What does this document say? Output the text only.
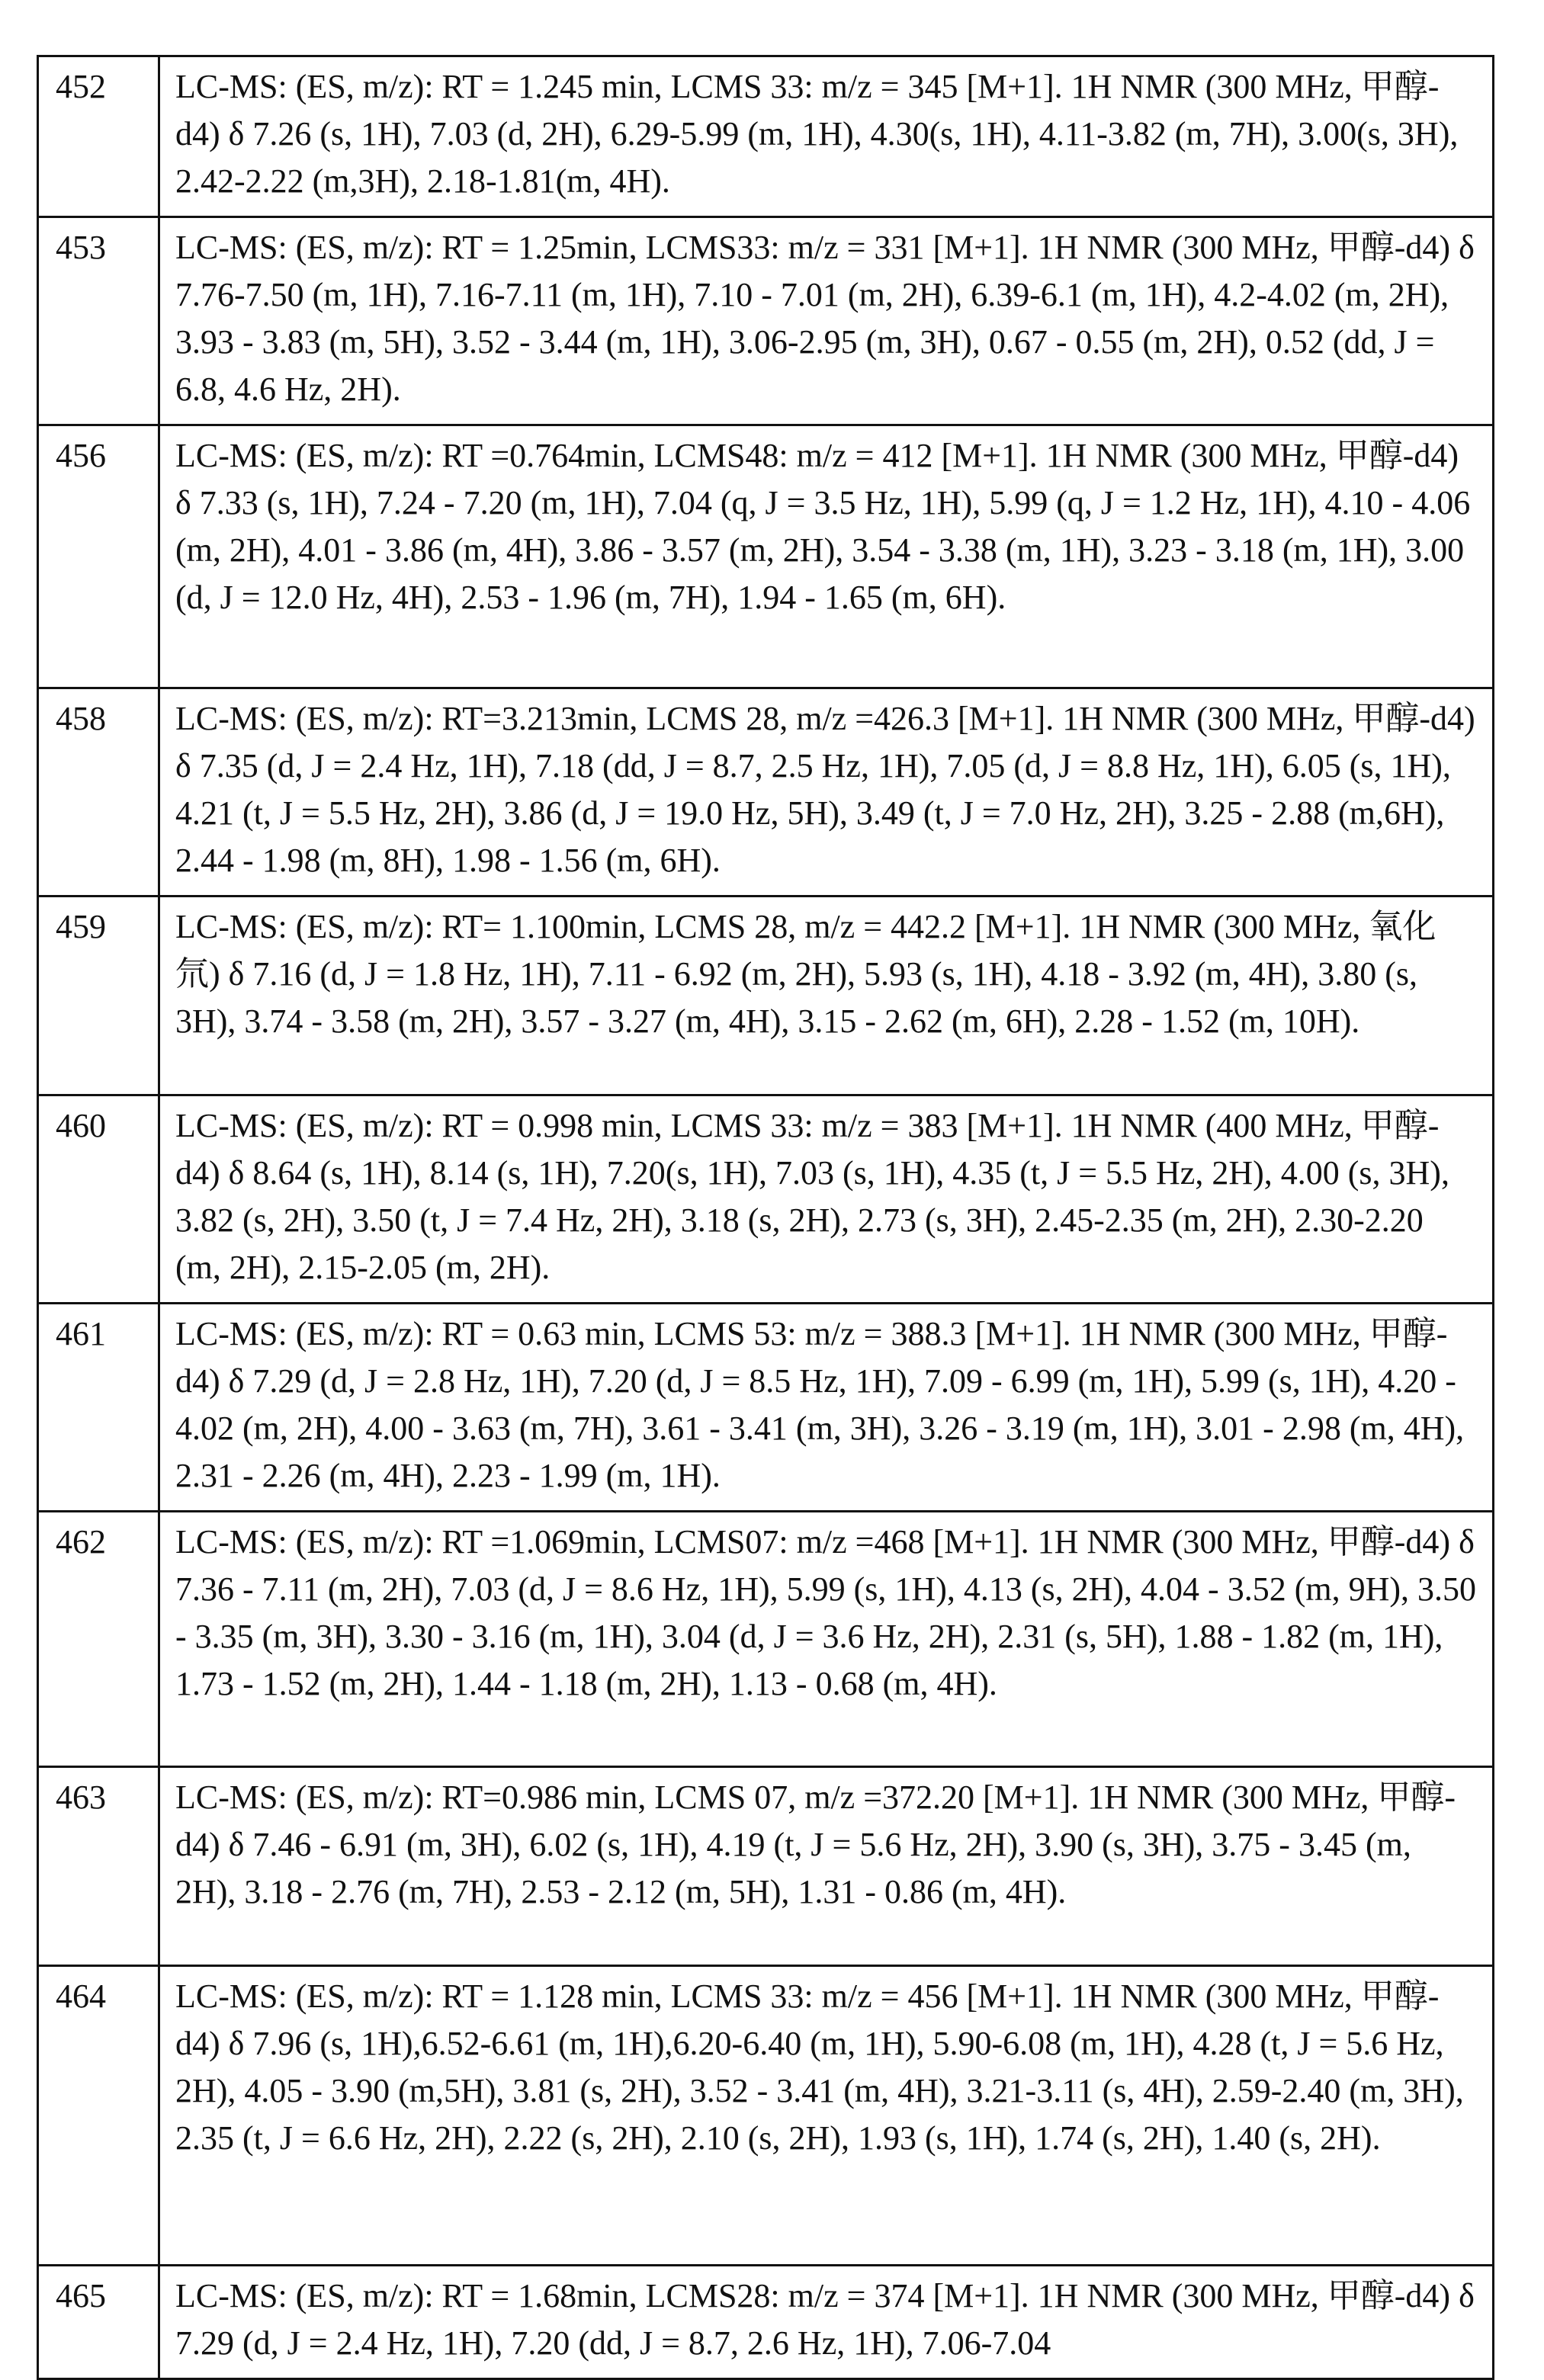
452	LC-MS: (ES, m/z): RT = 1.245 min, LCMS 33: m/z = 345 [M+1]. 1H NMR (300 MHz, 甲醇-d4) δ 7.26 (s, 1H), 7.03 (d, 2H), 6.29-5.99 (m, 1H), 4.30(s, 1H), 4.11-3.82 (m, 7H), 3.00(s, 3H), 2.42-2.22 (m,3H), 2.18-1.81(m, 4H).
453	LC-MS: (ES, m/z): RT = 1.25min, LCMS33: m/z = 331 [M+1]. 1H NMR (300 MHz, 甲醇-d4) δ 7.76-7.50 (m, 1H), 7.16-7.11 (m, 1H), 7.10 - 7.01 (m, 2H), 6.39-6.1 (m, 1H), 4.2-4.02 (m, 2H), 3.93 - 3.83 (m, 5H), 3.52 - 3.44 (m, 1H), 3.06-2.95 (m, 3H), 0.67 - 0.55 (m, 2H), 0.52 (dd, J = 6.8, 4.6 Hz, 2H).
456	LC-MS: (ES, m/z): RT =0.764min, LCMS48: m/z = 412 [M+1]. 1H NMR (300 MHz, 甲醇-d4) δ 7.33 (s, 1H), 7.24 - 7.20 (m, 1H), 7.04 (q, J = 3.5 Hz, 1H), 5.99 (q, J = 1.2 Hz, 1H), 4.10 - 4.06 (m, 2H), 4.01 - 3.86 (m, 4H), 3.86 - 3.57 (m, 2H), 3.54 - 3.38 (m, 1H), 3.23 - 3.18 (m, 1H), 3.00 (d, J = 12.0 Hz, 4H), 2.53 - 1.96 (m, 7H), 1.94 - 1.65 (m, 6H).
458	LC-MS: (ES, m/z): RT=3.213min, LCMS 28, m/z =426.3 [M+1]. 1H NMR (300 MHz, 甲醇-d4) δ 7.35 (d, J = 2.4 Hz, 1H), 7.18 (dd, J = 8.7, 2.5 Hz, 1H), 7.05 (d, J = 8.8 Hz, 1H), 6.05 (s, 1H), 4.21 (t, J = 5.5 Hz, 2H), 3.86 (d, J = 19.0 Hz, 5H), 3.49 (t, J = 7.0 Hz, 2H), 3.25 - 2.88 (m,6H), 2.44 - 1.98 (m, 8H), 1.98 - 1.56 (m, 6H).
459	LC-MS: (ES, m/z): RT= 1.100min, LCMS 28, m/z = 442.2 [M+1]. 1H NMR (300 MHz, 氧化氘) δ 7.16 (d, J = 1.8 Hz, 1H), 7.11 - 6.92 (m, 2H), 5.93 (s, 1H), 4.18 - 3.92 (m, 4H), 3.80 (s, 3H), 3.74 - 3.58 (m, 2H), 3.57 - 3.27 (m, 4H), 3.15 - 2.62 (m, 6H), 2.28 - 1.52 (m, 10H).
460	LC-MS: (ES, m/z): RT = 0.998 min, LCMS 33: m/z = 383 [M+1]. 1H NMR (400 MHz, 甲醇-d4) δ 8.64 (s, 1H), 8.14 (s, 1H), 7.20(s, 1H), 7.03 (s, 1H), 4.35 (t, J = 5.5 Hz, 2H), 4.00 (s, 3H), 3.82 (s, 2H), 3.50 (t, J = 7.4 Hz, 2H), 3.18 (s, 2H), 2.73 (s, 3H), 2.45-2.35 (m, 2H), 2.30-2.20 (m, 2H), 2.15-2.05 (m, 2H).
461	LC-MS: (ES, m/z): RT = 0.63 min, LCMS 53: m/z = 388.3 [M+1]. 1H NMR (300 MHz, 甲醇-d4) δ 7.29 (d, J = 2.8 Hz, 1H), 7.20 (d, J = 8.5 Hz, 1H), 7.09 - 6.99 (m, 1H), 5.99 (s, 1H), 4.20 - 4.02 (m, 2H), 4.00 - 3.63 (m, 7H), 3.61 - 3.41 (m, 3H), 3.26 - 3.19 (m, 1H), 3.01 - 2.98 (m, 4H), 2.31 - 2.26 (m, 4H), 2.23 - 1.99 (m, 1H).
462	LC-MS: (ES, m/z): RT =1.069min, LCMS07: m/z =468 [M+1]. 1H NMR (300 MHz, 甲醇-d4) δ 7.36 - 7.11 (m, 2H), 7.03 (d, J = 8.6 Hz, 1H), 5.99 (s, 1H), 4.13 (s, 2H), 4.04 - 3.52 (m, 9H), 3.50 - 3.35 (m, 3H), 3.30 - 3.16 (m, 1H), 3.04 (d, J = 3.6 Hz, 2H), 2.31 (s, 5H), 1.88 - 1.82 (m, 1H), 1.73 - 1.52 (m, 2H), 1.44 - 1.18 (m, 2H), 1.13 - 0.68 (m, 4H).
463	LC-MS: (ES, m/z): RT=0.986 min, LCMS 07, m/z =372.20 [M+1]. 1H NMR (300 MHz, 甲醇-d4) δ 7.46 - 6.91 (m, 3H), 6.02 (s, 1H), 4.19 (t, J = 5.6 Hz, 2H), 3.90 (s, 3H), 3.75 - 3.45 (m, 2H), 3.18 - 2.76 (m, 7H), 2.53 - 2.12 (m, 5H), 1.31 - 0.86 (m, 4H).
464	LC-MS: (ES, m/z): RT = 1.128 min, LCMS 33: m/z = 456 [M+1]. 1H NMR (300 MHz, 甲醇-d4) δ 7.96 (s, 1H),6.52-6.61 (m, 1H),6.20-6.40 (m, 1H), 5.90-6.08 (m, 1H), 4.28 (t, J = 5.6 Hz, 2H), 4.05 - 3.90 (m,5H), 3.81 (s, 2H), 3.52 - 3.41 (m, 4H), 3.21-3.11 (s, 4H), 2.59-2.40 (m, 3H), 2.35 (t, J = 6.6 Hz, 2H), 2.22 (s, 2H), 2.10 (s, 2H), 1.93 (s, 1H), 1.74 (s, 2H), 1.40 (s, 2H).
465	LC-MS: (ES, m/z): RT = 1.68min, LCMS28: m/z = 374 [M+1]. 1H NMR (300 MHz, 甲醇-d4) δ 7.29 (d, J = 2.4 Hz, 1H), 7.20 (dd, J = 8.7, 2.6 Hz, 1H), 7.06-7.04
